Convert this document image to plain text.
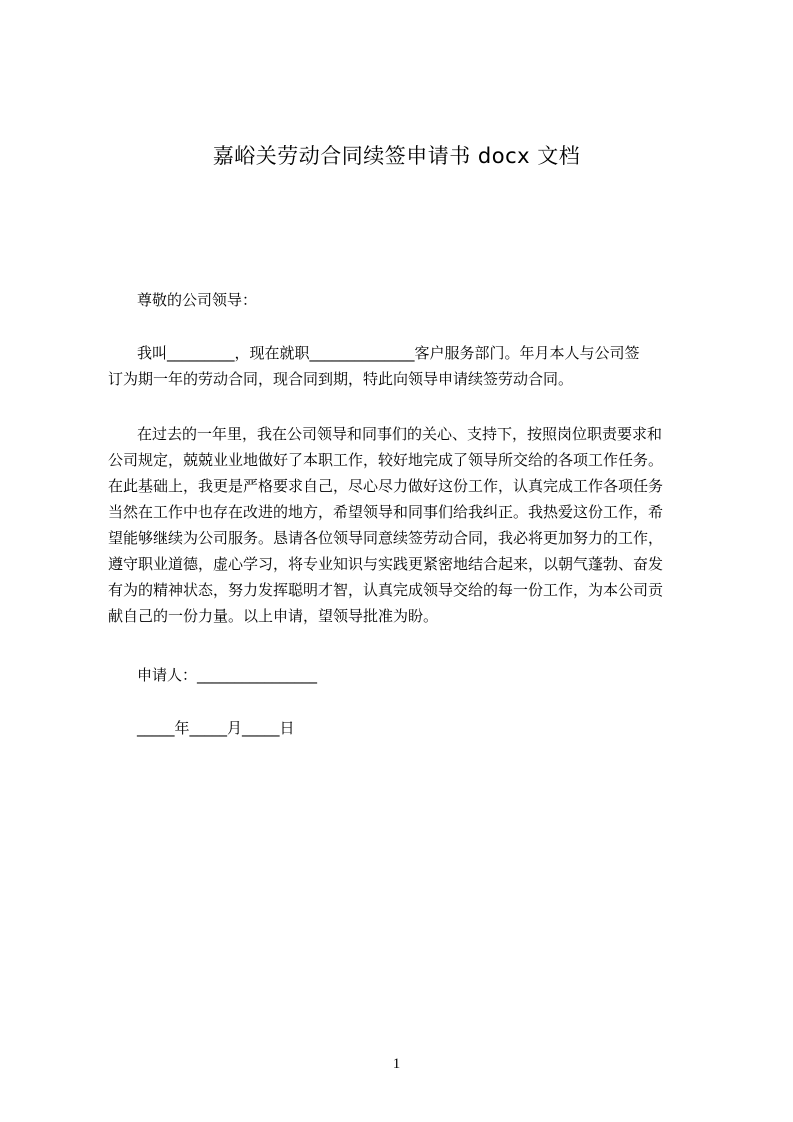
嘉峪关劳动合同续签申请书 docx 文档
尊敬的公司领导：
我叫_________，现在就职______________客户服务部门。年月本人与公司签
订为期一年的劳动合同，现合同到期，特此向领导申请续签劳动合同。
在过去的一年里，我在公司领导和同事们的关心、支持下，按照岗位职责要求和
公司规定，兢兢业业地做好了本职工作，较好地完成了领导所交给的各项工作任务。
在此基础上，我更是严格要求自己，尽心尽力做好这份工作，认真完成工作各项任务
当然在工作中也存在改进的地方，希望领导和同事们给我纠正。我热爱这份工作，希
望能够继续为公司服务。恳请各位领导同意续签劳动合同，我必将更加努力的工作，
遵守职业道德，虚心学习，将专业知识与实践更紧密地结合起来，以朝气蓬勃、奋发
有为的精神状态，努力发挥聪明才智，认真完成领导交给的每一份工作，为本公司贡
献自己的一份力量。以上申请，望领导批准为盼。
申请人：________________
_____年_____月_____日
1
